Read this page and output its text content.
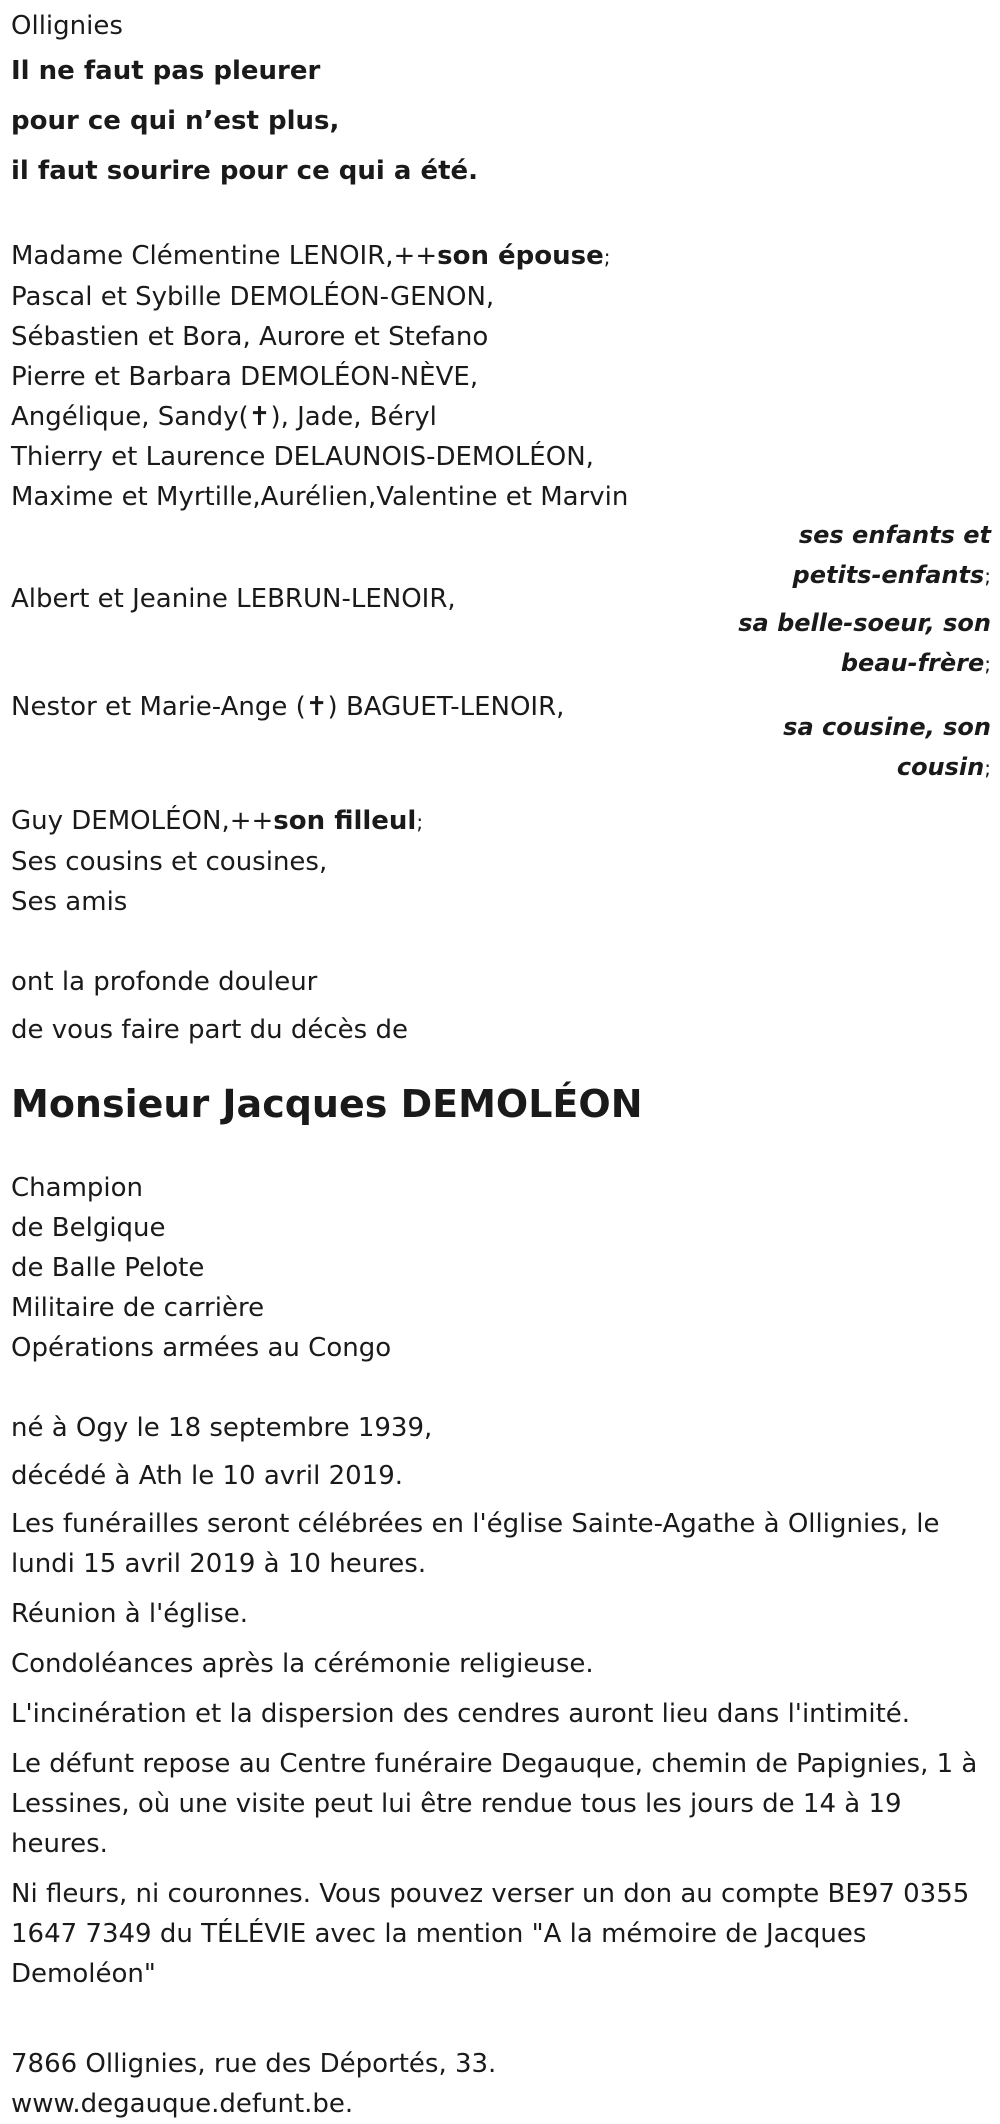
Ollignies
Il ne faut pas pleurer
pour ce qui n’est plus,
il faut sourire pour ce qui a été.
Madame Clémentine LENOIR,++son épouse;
Pascal et Sybille DEMOLÉON-GENON,
Sébastien et Bora, Aurore et Stefano
Pierre et Barbara DEMOLÉON-NÈVE,
Angélique, Sandy(✝), Jade, Béryl
Thierry et Laurence DELAUNOIS-DEMOLÉON,
Maxime et Myrtille,Aurélien,Valentine et Marvin
ses enfants et
petits-enfants;
Albert et Jeanine LEBRUN-LENOIR,
sa belle-soeur, son
beau-frère;
Nestor et Marie-Ange (✝) BAGUET-LENOIR,
sa cousine, son
cousin;
Guy DEMOLÉON,++son filleul;
Ses cousins et cousines,
Ses amis
ont la profonde douleur
de vous faire part du décès de
Monsieur Jacques DEMOLÉON
Champion
de Belgique
de Balle Pelote
Militaire de carrière
Opérations armées au Congo
né à Ogy le 18 septembre 1939,
décédé à Ath le 10 avril 2019.
Les funérailles seront célébrées en l'église Sainte-Agathe à Ollignies, le lundi 15 avril 2019 à 10 heures.
Réunion à l'église.
Condoléances après la cérémonie religieuse.
L'incinération et la dispersion des cendres auront lieu dans l'intimité.
Le défunt repose au Centre funéraire Degauque, chemin de Papignies, 1 à Lessines, où une visite peut lui être rendue tous les jours de 14 à 19 heures.
Ni fleurs, ni couronnes. Vous pouvez verser un don au compte BE97 0355 1647 7349 du TÉLÉVIE avec la mention "A la mémoire de Jacques Demoléon"
7866 Ollignies, rue des Déportés, 33.
www.degauque.defunt.be.
